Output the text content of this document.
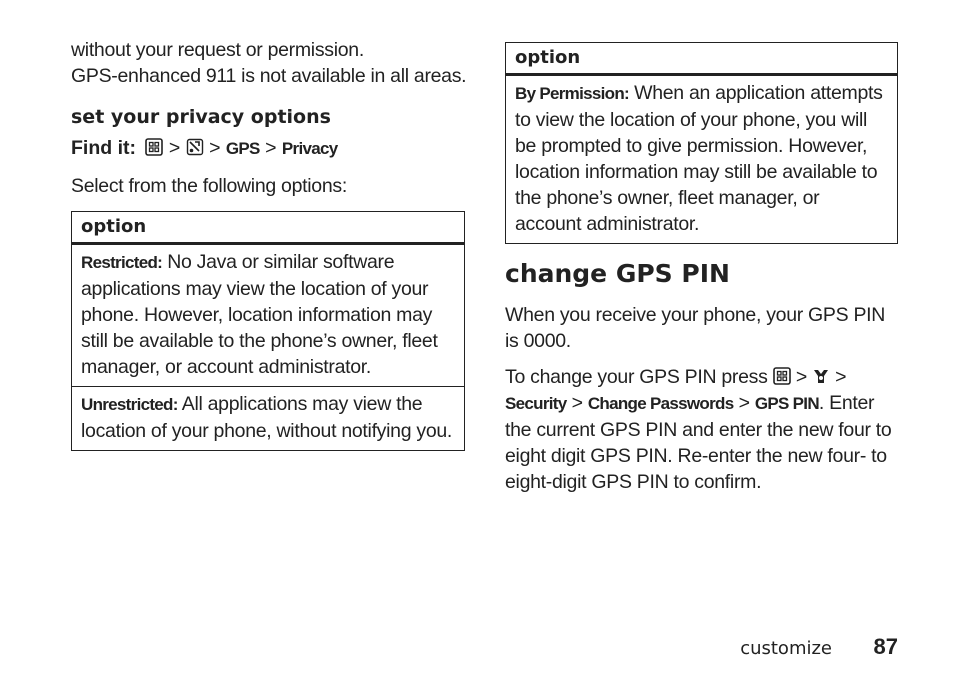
without your request or permission.

GPS-enhanced 911 is not available in all areas.

set your privacy options
Find it: > > GPS > Privacy

Select from the following options:

option
Restricted: No Java or similar software applications may view the location of your phone. However, location information may still be available to the phone’s owner, fleet manager, or account administrator.
Unrestricted: All applications may view the location of your phone, without notifying you.
option
By Permission: When an application attempts to view the location of your phone, you will be prompted to give permission. However, location information may still be available to the phone’s owner, fleet manager, or account administrator.
change GPS PIN

When you receive your phone, your GPS PIN is 0000.

To change your GPS PIN press > > Security > Change Passwords > GPS PIN. Enter the current GPS PIN and enter the new four to eight digit GPS PIN. Re-enter the new four- to eight-digit GPS PIN to confirm.

customize 87
